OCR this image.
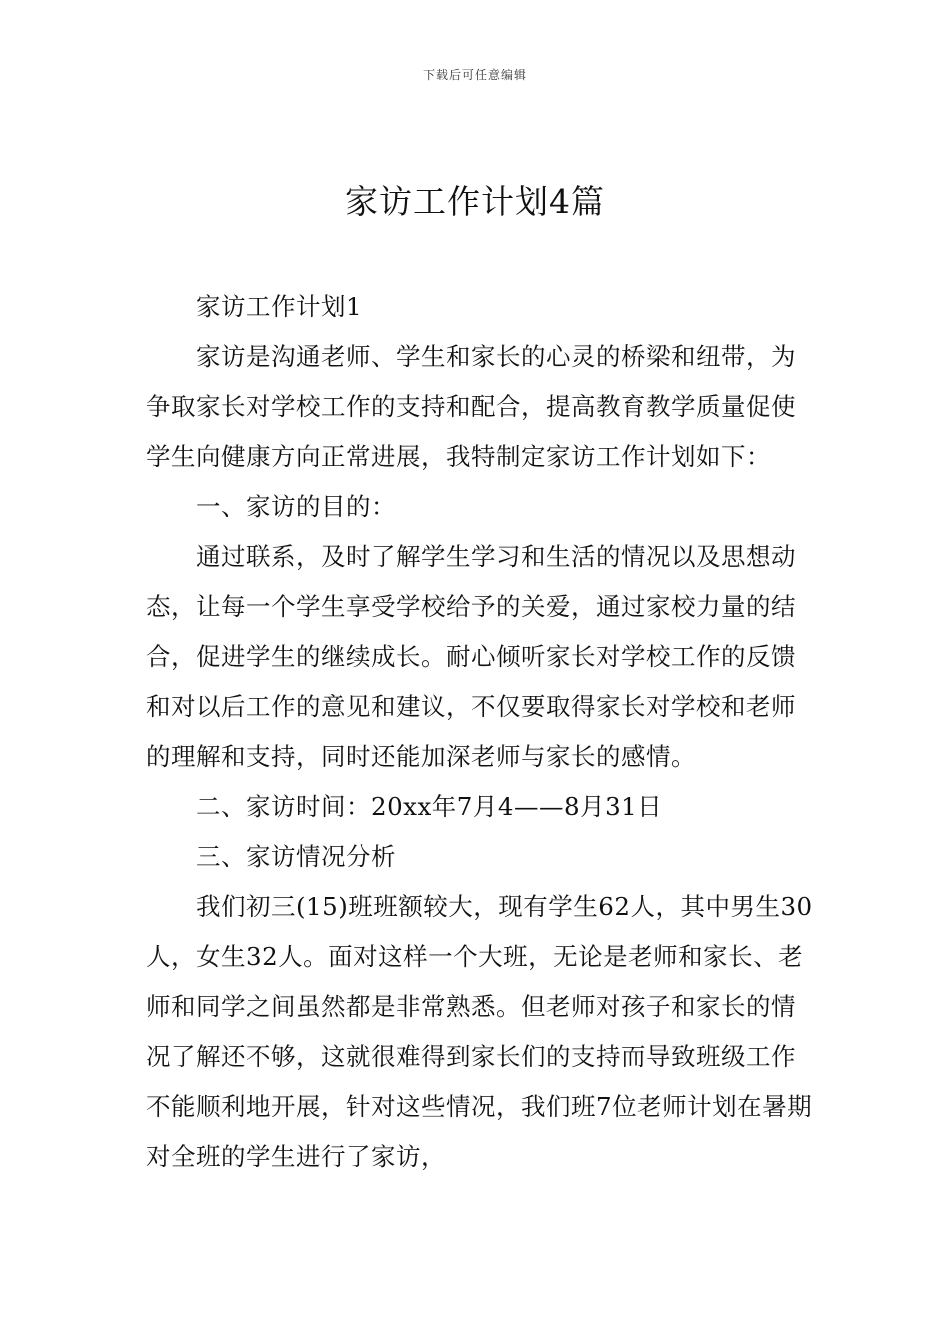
下载后可任意编辑
家访工作计划4篇

家访工作计划1

家访是沟通老师、学生和家长的心灵的桥梁和纽带，为争取家长对学校工作的支持和配合，提高教育教学质量促使学生向健康方向正常进展，我特制定家访工作计划如下：

一、家访的目的：

通过联系，及时了解学生学习和生活的情况以及思想动态，让每一个学生享受学校给予的关爱，通过家校力量的结合，促进学生的继续成长。耐心倾听家长对学校工作的反馈和对以后工作的意见和建议，不仅要取得家长对学校和老师的理解和支持，同时还能加深老师与家长的感情。

二、家访时间：20xx年7月4——8月31日

三、家访情况分析

我们初三(15)班班额较大，现有学生62人，其中男生30人，女生32人。面对这样一个大班，无论是老师和家长、老师和同学之间虽然都是非常熟悉。但老师对孩子和家长的情况了解还不够，这就很难得到家长们的支持而导致班级工作不能顺利地开展，针对这些情况，我们班7位老师计划在暑期对全班的学生进行了家访，
